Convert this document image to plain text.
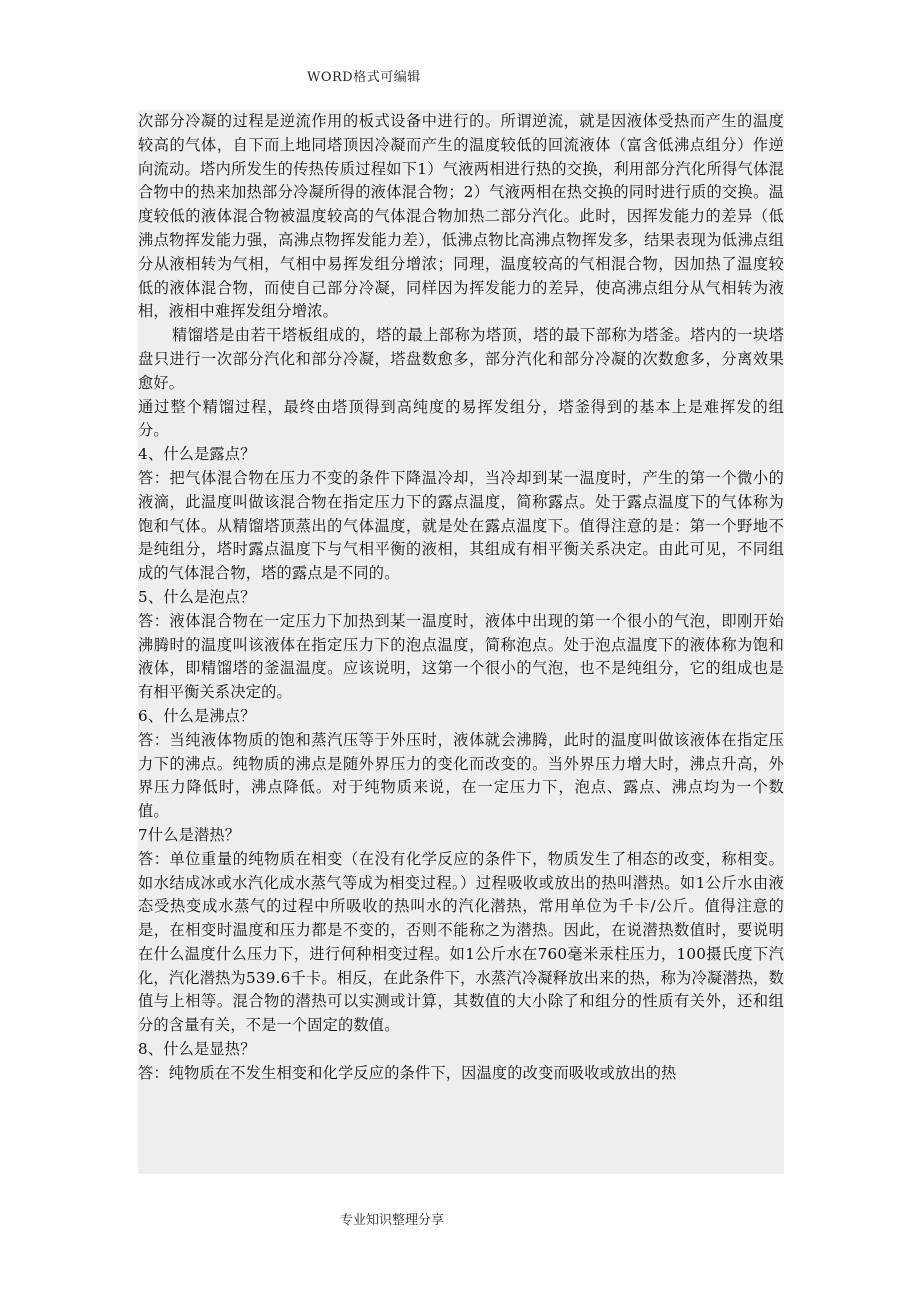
WORD格式可编辑

次部分冷凝的过程是逆流作用的板式设备中进行的。所谓逆流，就是因液体受热而产生的温度较高的气体，自下而上地同塔顶因冷凝而产生的温度较低的回流液体（富含低沸点组分）作逆向流动。塔内所发生的传热传质过程如下1）气液两相进行热的交换，利用部分汽化所得气体混合物中的热来加热部分冷凝所得的液体混合物；2）气液两相在热交换的同时进行质的交换。温度较低的液体混合物被温度较高的气体混合物加热二部分汽化。此时，因挥发能力的差异（低沸点物挥发能力强，高沸点物挥发能力差），低沸点物比高沸点物挥发多，结果表现为低沸点组分从液相转为气相，气相中易挥发组分增浓；同理，温度较高的气相混合物，因加热了温度较低的液体混合物，而使自己部分冷凝，同样因为挥发能力的差异，使高沸点组分从气相转为液相，液相中难挥发组分增浓。

精馏塔是由若干塔板组成的，塔的最上部称为塔顶，塔的最下部称为塔釜。塔内的一块塔盘只进行一次部分汽化和部分冷凝，塔盘数愈多，部分汽化和部分冷凝的次数愈多，分离效果愈好。

通过整个精馏过程，最终由塔顶得到高纯度的易挥发组分，塔釜得到的基本上是难挥发的组分。

4、什么是露点？

答：把气体混合物在压力不变的条件下降温冷却，当冷却到某一温度时，产生的第一个微小的液滴，此温度叫做该混合物在指定压力下的露点温度，简称露点。处于露点温度下的气体称为饱和气体。从精馏塔顶蒸出的气体温度，就是处在露点温度下。值得注意的是：第一个野地不是纯组分，塔时露点温度下与气相平衡的液相，其组成有相平衡关系决定。由此可见，不同组成的气体混合物，塔的露点是不同的。

5、什么是泡点？

答：液体混合物在一定压力下加热到某一温度时，液体中出现的第一个很小的气泡，即刚开始沸腾时的温度叫该液体在指定压力下的泡点温度，简称泡点。处于泡点温度下的液体称为饱和液体，即精馏塔的釜温温度。应该说明，这第一个很小的气泡，也不是纯组分，它的组成也是有相平衡关系决定的。

6、什么是沸点？

答：当纯液体物质的饱和蒸汽压等于外压时，液体就会沸腾，此时的温度叫做该液体在指定压力下的沸点。纯物质的沸点是随外界压力的变化而改变的。当外界压力增大时，沸点升高，外界压力降低时，沸点降低。对于纯物质来说，在一定压力下，泡点、露点、沸点均为一个数值。

7什么是潜热？

答：单位重量的纯物质在相变（在没有化学反应的条件下，物质发生了相态的改变，称相变。如水结成冰或水汽化成水蒸气等成为相变过程。）过程吸收或放出的热叫潜热。如1公斤水由液态受热变成水蒸气的过程中所吸收的热叫水的汽化潜热，常用单位为千卡/公斤。值得注意的是，在相变时温度和压力都是不变的，否则不能称之为潜热。因此，在说潜热数值时，要说明在什么温度什么压力下，进行何种相变过程。如1公斤水在760毫米汞柱压力，100摄氏度下汽化，汽化潜热为539.6千卡。相反，在此条件下，水蒸汽冷凝释放出来的热，称为冷凝潜热，数值与上相等。混合物的潜热可以实测或计算，其数值的大小除了和组分的性质有关外，还和组分的含量有关，不是一个固定的数值。

8、什么是显热？

答：纯物质在不发生相变和化学反应的条件下，因温度的改变而吸收或放出的热

专业知识整理分享
